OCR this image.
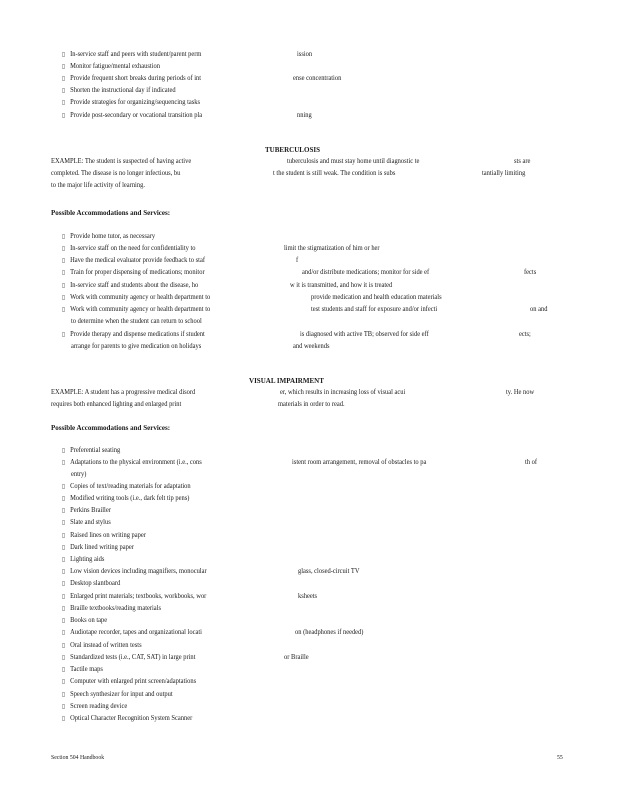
▯ In-service staff and peers with student/parent perm	ission
▯ Monitor fatigue/mental exhaustion
▯ Provide frequent short breaks during periods of int	ense concentration
▯ Shorten the instructional day if indicated
▯ Provide strategies for organizing/sequencing tasks
▯ Provide post-secondary or vocational transition pla	nning
TUBERCULOSIS
EXAMPLE: The student is suspected of having active	tuberculosis and must stay home until diagnostic te	sts are
completed. The disease is no longer infectious, bu	t the student is still weak. The condition is subs	tantially limiting
to the major life activity of learning.
Possible Accommodations and Services:
▯ Provide home tutor, as necessary
▯ In-service staff on the need for confidentiality to	limit the stigmatization of him or her
▯ Have the medical evaluator provide feedback to staf	f
▯ Train for proper dispensing of medications; monitor	and/or distribute medications; monitor for side ef	fects
▯ In-service staff and students about the disease, ho	w it is transmitted, and how it is treated
▯ Work with community agency or health department to	provide medication and health education materials
▯ Work with community agency or health department to	test students and staff for exposure and/or infecti	on and
to determine when the student can return to school
▯ Provide therapy and dispense medications if student	is diagnosed with active TB; observed for side eff	ects;
arrange for parents to give medication on holidays	and weekends
VISUAL IMPAIRMENT
EXAMPLE: A student has a progressive medical disord	er, which results in increasing loss of visual acui	ty. He now
requires both enhanced lighting and enlarged print	materials in order to read.
Possible Accommodations and Services:
▯ Preferential seating
▯ Adaptations to the physical environment (i.e., cons	istent room arrangement, removal of obstacles to pa	th of
entry)
▯ Copies of text/reading materials for adaptation
▯ Modified writing tools (i.e., dark felt tip pens)
▯ Perkins Brailler
▯ Slate and stylus
▯ Raised lines on writing paper
▯ Dark lined writing paper
▯ Lighting aids
▯ Low vision devices including magnifiers, monocular	glass, closed-circuit TV
▯ Desktop slantboard
▯ Enlarged print materials; textbooks, workbooks, wor	ksheets
▯ Braille textbooks/reading materials
▯ Books on tape
▯ Audiotape recorder, tapes and organizational locati	on (headphones if needed)
▯ Oral instead of written tests
▯ Standardized tests (i.e., CAT, SAT) in large print	or Braille
▯ Tactile maps
▯ Computer with enlarged print screen/adaptations
▯ Speech synthesizer for input and output
▯ Screen reading device
▯ Optical Character Recognition System Scanner
Section 504 Handbook	55
